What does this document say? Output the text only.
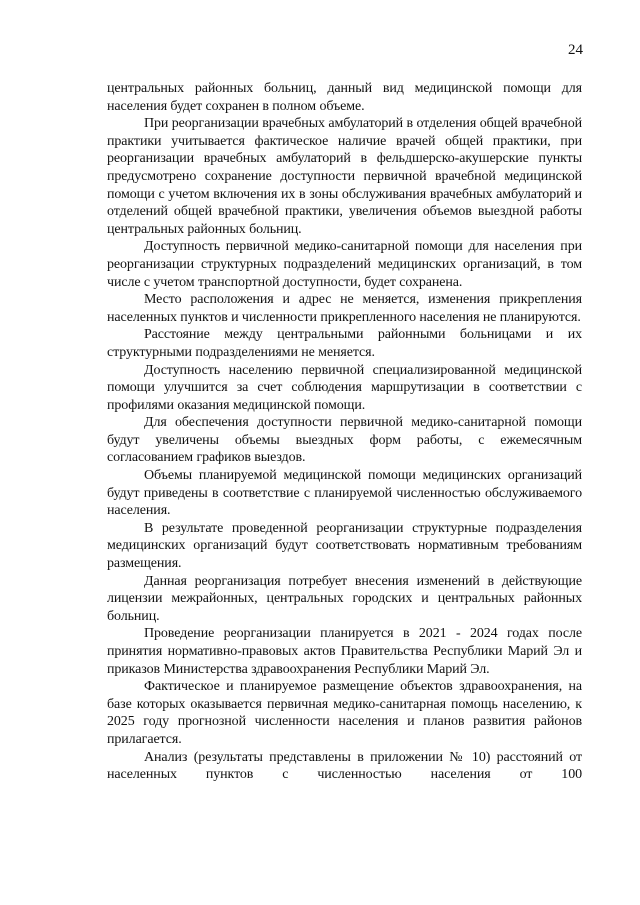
24

центральных районных больниц, данный вид медицинской помощи для населения будет сохранен в полном объеме.

При реорганизации врачебных амбулаторий в отделения общей врачебной практики учитывается фактическое наличие врачей общей практики, при реорганизации врачебных амбулаторий в фельдшерско-акушерские пункты предусмотрено сохранение доступности первичной врачебной медицинской помощи с учетом включения их в зоны обслуживания врачебных амбулаторий и отделений общей врачебной практики, увеличения объемов выездной работы центральных районных больниц.

Доступность первичной медико-санитарной помощи для населения при реорганизации структурных подразделений медицинских организаций, в том числе с учетом транспортной доступности, будет сохранена.

Место расположения и адрес не меняется, изменения прикрепления населенных пунктов и численности прикрепленного населения не планируются.

Расстояние между центральными районными больницами и их структурными подразделениями не меняется.

Доступность населению первичной специализированной медицинской помощи улучшится за счет соблюдения маршрутизации в соответствии с профилями оказания медицинской помощи.

Для обеспечения доступности первичной медико-санитарной помощи будут увеличены объемы выездных форм работы, с ежемесячным согласованием графиков выездов.

Объемы планируемой медицинской помощи медицинских организаций будут приведены в соответствие с планируемой численностью обслуживаемого населения.

В результате проведенной реорганизации структурные подразделения медицинских организаций будут соответствовать нормативным требованиям размещения.

Данная реорганизация потребует внесения изменений в действующие лицензии межрайонных, центральных городских и центральных районных больниц.

Проведение реорганизации планируется в 2021 - 2024 годах после принятия нормативно-правовых актов Правительства Республики Марий Эл и приказов Министерства здравоохранения Республики Марий Эл.

Фактическое и планируемое размещение объектов здравоохранения, на базе которых оказывается первичная медико-санитарная помощь населению, к 2025 году прогнозной численности населения и планов развития районов прилагается.

Анализ (результаты представлены в приложении № 10) расстояний от населенных пунктов с численностью населения от 100
